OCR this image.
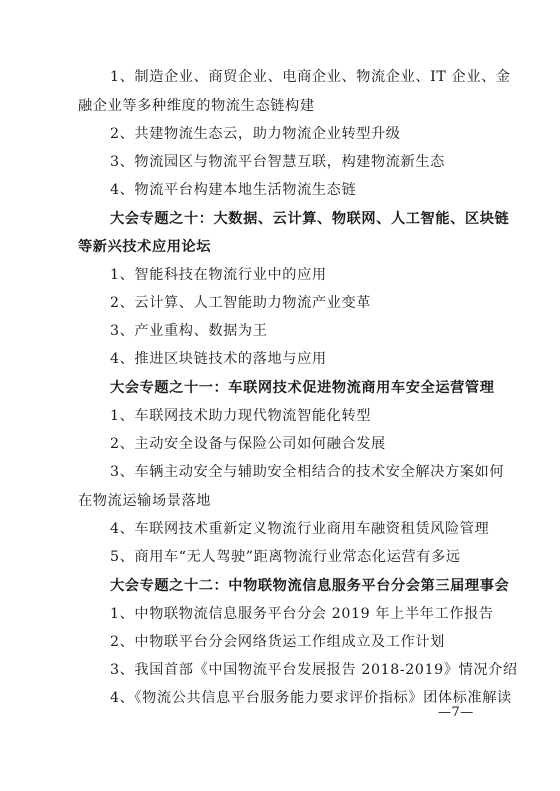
1、制造企业、商贸企业、电商企业、物流企业、IT 企业、金
融企业等多种维度的物流生态链构建
2、共建物流生态云，助力物流企业转型升级
3、物流园区与物流平台智慧互联，构建物流新生态
4、物流平台构建本地生活物流生态链
大会专题之十：大数据、云计算、物联网、人工智能、区块链
等新兴技术应用论坛
1、智能科技在物流行业中的应用
2、云计算、人工智能助力物流产业变革
3、产业重构、数据为王
4、推进区块链技术的落地与应用
大会专题之十一：车联网技术促进物流商用车安全运营管理
1、车联网技术助力现代物流智能化转型
2、主动安全设备与保险公司如何融合发展
3、车辆主动安全与辅助安全相结合的技术安全解决方案如何
在物流运输场景落地
4、车联网技术重新定义物流行业商用车融资租赁风险管理
5、商用车“无人驾驶”距离物流行业常态化运营有多远
大会专题之十二：中物联物流信息服务平台分会第三届理事会
1、中物联物流信息服务平台分会 2019 年上半年工作报告
2、中物联平台分会网络货运工作组成立及工作计划
3、我国首部《中国物流平台发展报告 2018-2019》情况介绍
4、《物流公共信息平台服务能力要求评价指标》团体标准解读
—7—
